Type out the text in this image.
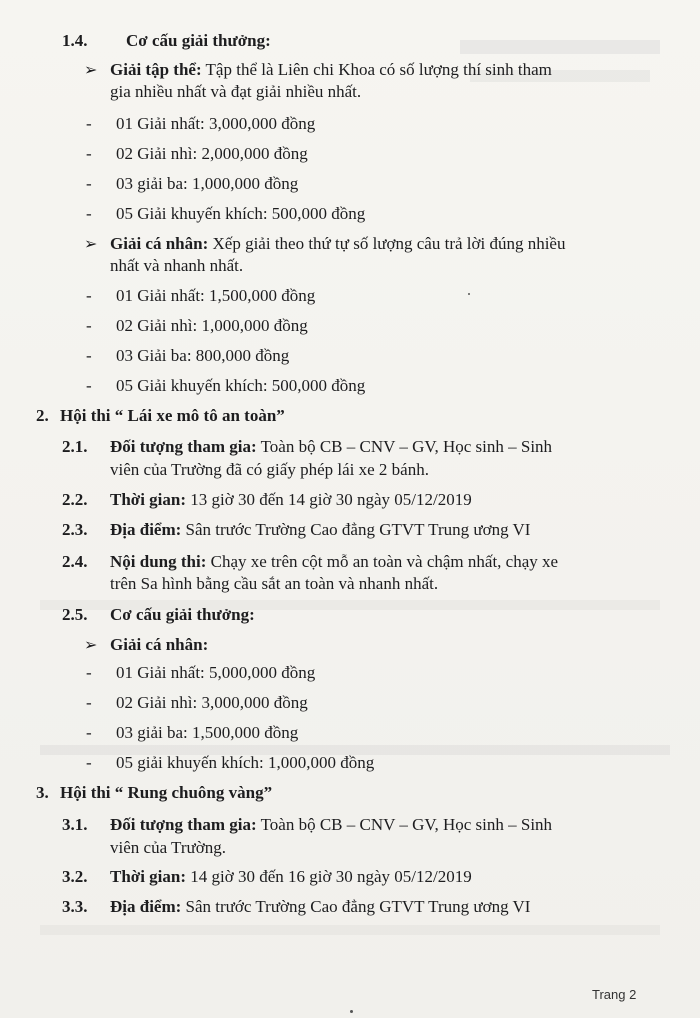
1.4. Cơ cấu giải thưởng:
➢ Giải tập thể: Tập thể là Liên chi Khoa có số lượng thí sinh tham
gia nhiều nhất và đạt giải nhiều nhất.
- 01 Giải nhất: 3,000,000 đồng
- 02 Giải nhì: 2,000,000 đồng
- 03 giải ba: 1,000,000 đồng
- 05 Giải khuyến khích: 500,000 đồng
➢ Giải cá nhân: Xếp giải theo thứ tự số lượng câu trả lời đúng nhiều
nhất và nhanh nhất.
- 01 Giải nhất: 1,500,000 đồng
- 02 Giải nhì: 1,000,000 đồng
- 03 Giải ba: 800,000 đồng
- 05 Giải khuyến khích: 500,000 đồng
2. Hội thi “ Lái xe mô tô an toàn”
2.1. Đối tượng tham gia: Toàn bộ CB – CNV – GV, Học sinh – Sinh
viên của Trường đã có giấy phép lái xe 2 bánh.
2.2. Thời gian: 13 giờ 30 đến 14 giờ 30 ngày 05/12/2019
2.3. Địa điểm: Sân trước Trường Cao đẳng GTVT Trung ương VI
2.4. Nội dung thi: Chạy xe trên cột mỗ an toàn và chậm nhất, chạy xe
trên Sa hình bằng cầu sắt an toàn và nhanh nhất.
2.5. Cơ cấu giải thưởng:
➢ Giải cá nhân:
- 01 Giải nhất: 5,000,000 đồng
- 02 Giải nhì: 3,000,000 đồng
- 03 giải ba: 1,500,000 đồng
- 05 giải khuyến khích: 1,000,000 đồng
3. Hội thi “ Rung chuông vàng”
3.1. Đối tượng tham gia: Toàn bộ CB – CNV – GV, Học sinh – Sinh
viên của Trường.
3.2. Thời gian: 14 giờ 30 đến 16 giờ 30 ngày 05/12/2019
3.3. Địa điểm: Sân trước Trường Cao đẳng GTVT Trung ương VI
Trang 2
